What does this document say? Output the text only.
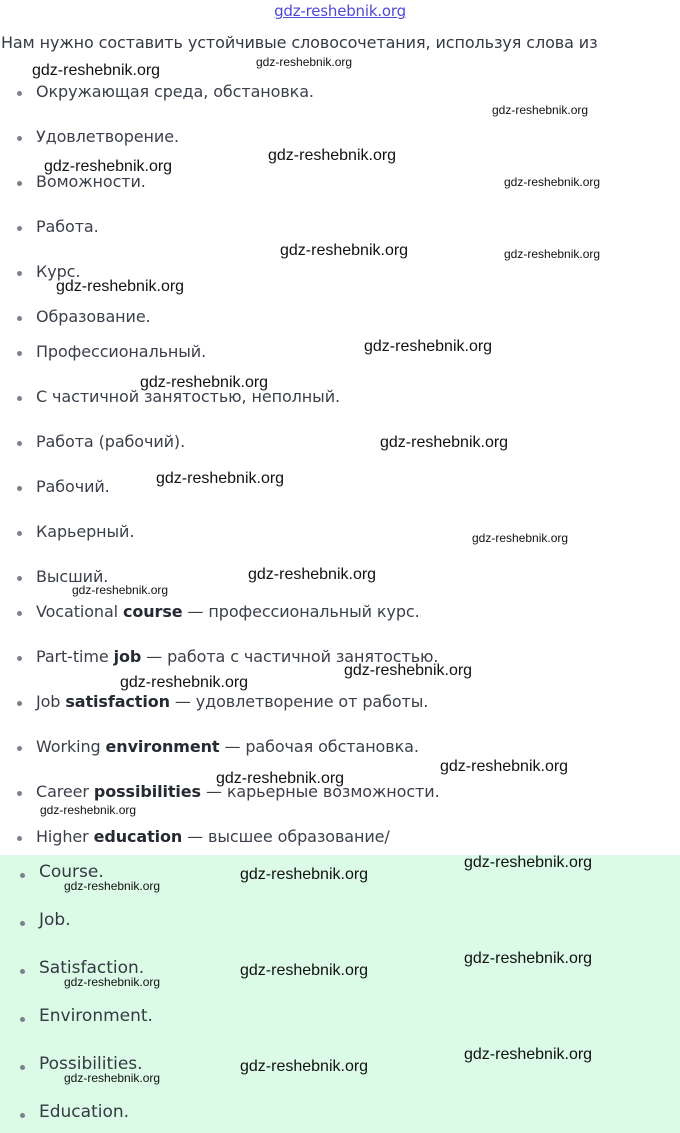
gdz-reshebnik.org
Нам нужно составить устойчивые словосочетания, используя слова из
Окружающая среда, обстановка.
Удовлетворение.
Воможности.
Работа.
Курс.
Образование.
Профессиональный.
С частичной занятостью, неполный.
Работа (рабочий).
Рабочий.
Карьерный.
Высший.
Vocational course — профессиональный курс.
Part-time job — работа с частичной занятостью.
Job satisfaction — удовлетворение от работы.
Working environment — рабочая обстановка.
Career possibilities — карьерные возможности.
Higher education — высшее образование/
Course.
Job.
Satisfaction.
Environment.
Possibilities.
Education.
gdz-reshebnik.org	gdz-reshebnik.org
gdz-reshebnik.org
gdz-reshebnik.org
gdz-reshebnik.org
gdz-reshebnik.org
gdz-reshebnik.org	gdz-reshebnik.org
gdz-reshebnik.org
gdz-reshebnik.org
gdz-reshebnik.org
gdz-reshebnik.org
gdz-reshebnik.org
gdz-reshebnik.org
gdz-reshebnik.org
gdz-reshebnik.org
gdz-reshebnik.org
gdz-reshebnik.org
gdz-reshebnik.org
gdz-reshebnik.org
gdz-reshebnik.org
gdz-reshebnik.org
gdz-reshebnik.org
gdz-reshebnik.org
gdz-reshebnik.org
gdz-reshebnik.org
gdz-reshebnik.org
gdz-reshebnik.org
gdz-reshebnik.org
gdz-reshebnik.org
